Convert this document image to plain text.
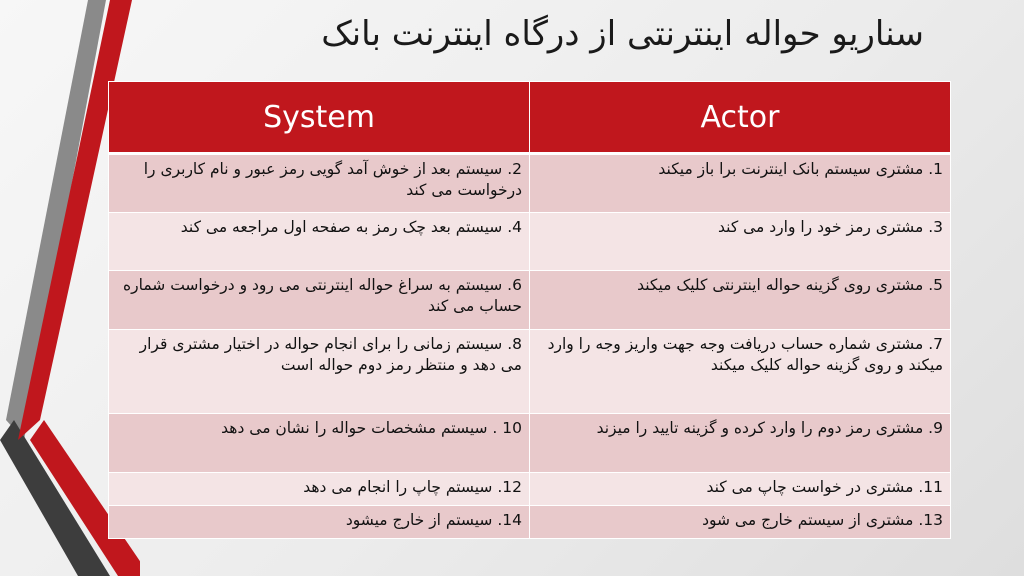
سناریو حواله اینترنتی از درگاه اینترنت بانک
Actor	System
1. مشتری سیستم بانک اینترنت برا باز میکند	2. سیستم بعد از خوش آمد گویی رمز عبور و نام کاربری را درخواست می کند
3. مشتری رمز خود را وارد می کند	4. سیستم بعد چک رمز به صفحه اول مراجعه می کند
5. مشتری روی گزینه حواله اینترنتی کلیک میکند	6. سیستم به سراغ حواله اینترنتی می رود و درخواست شماره حساب می کند
7. مشتری شماره حساب دریافت وجه جهت واریز وجه را وارد میکند و روی گزینه حواله کلیک میکند	8. سیستم زمانی را برای انجام حواله در اختیار مشتری قرار می دهد و منتظر رمز دوم حواله است
9. مشتری رمز دوم را وارد کرده و گزینه تایید را میزند	10 . سیستم مشخصات حواله را نشان می دهد
11. مشتری در خواست چاپ می کند	12. سیستم چاپ را انجام می دهد
13. مشتری از سیستم خارج می شود	14. سیستم از خارج میشود
